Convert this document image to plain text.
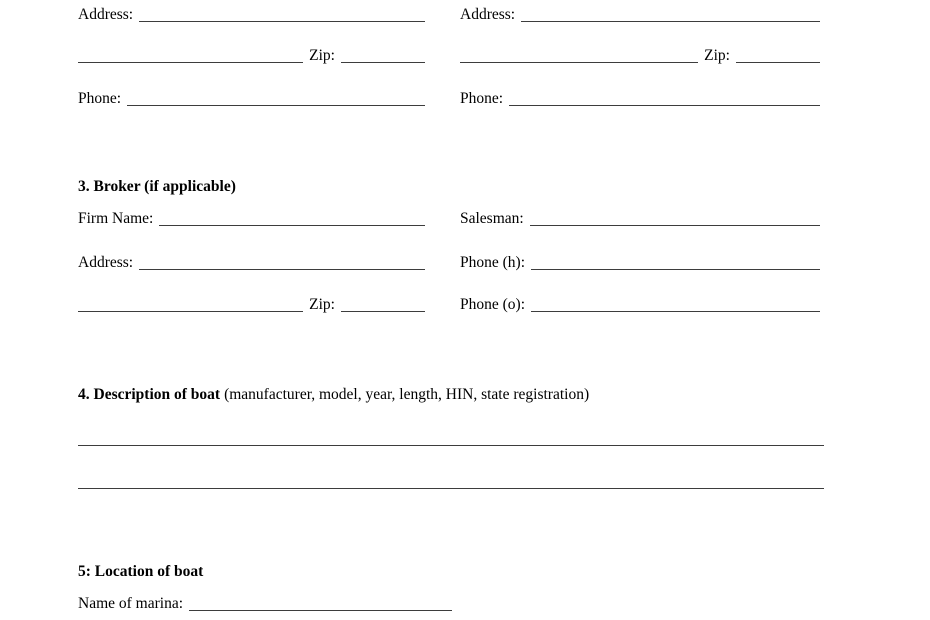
Address:
Zip:
Phone:
Address:
Zip:
Phone:
3. Broker (if applicable)
Firm Name:
Address:
Zip:
Salesman:
Phone (h):
Phone (o):
4. Description of boat (manufacturer, model, year, length, HIN, state registration)
5: Location of boat
Name of marina:
